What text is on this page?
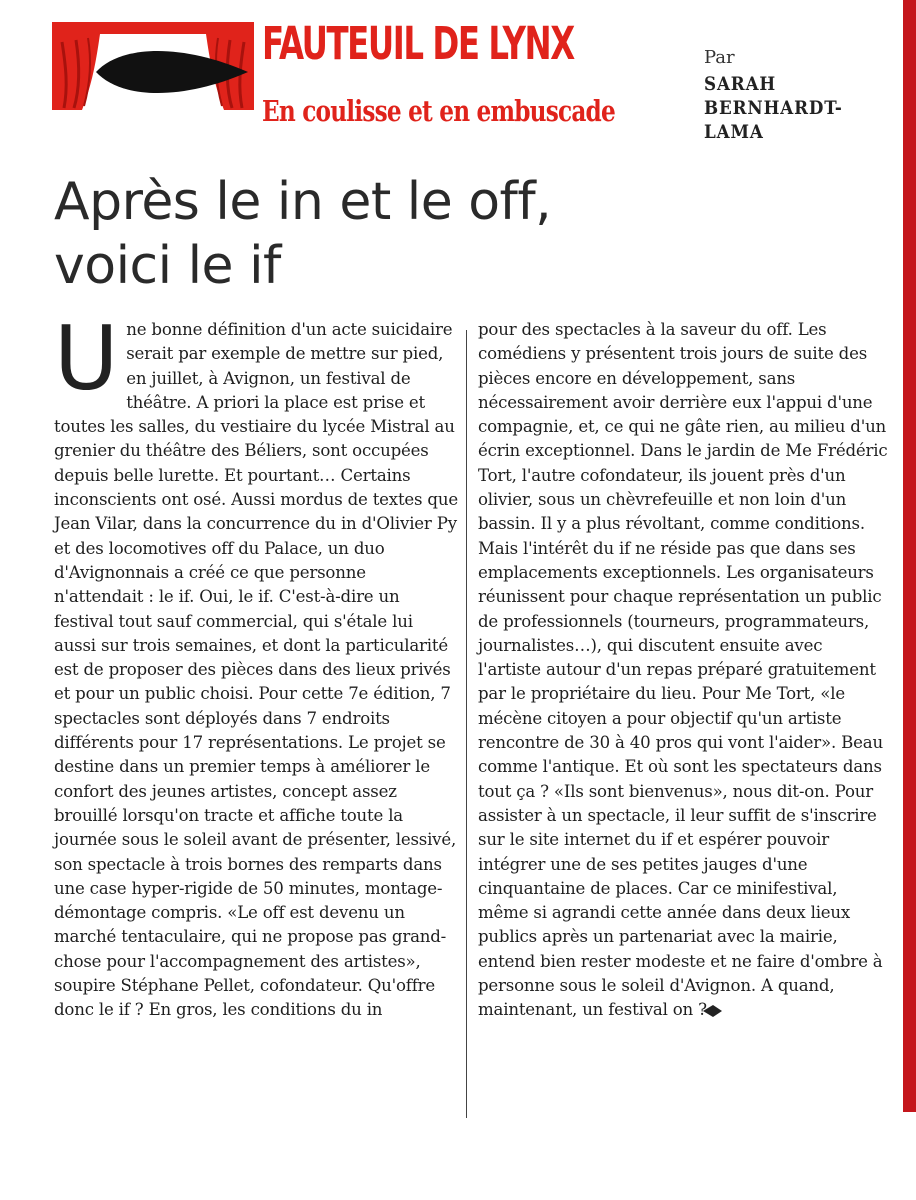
FAUTEUIL DE LYNX

En coulisse et en embuscade

Par
SARAH BERNHARDT-LAMA
Après le in et le off, voici le if
U ne bonne définition d'un acte suicidaire serait par exemple de mettre sur pied, en juillet, à Avignon, un festival de théâtre. A priori la place est prise et toutes les salles, du vestiaire du lycée Mistral au grenier du théâtre des Béliers, sont occupées depuis belle lurette. Et pourtant… Certains inconscients ont osé. Aussi mordus de textes que Jean Vilar, dans la concurrence du in d'Olivier Py et des locomotives off du Palace, un duo d'Avignonnais a créé ce que personne n'attendait : le if. Oui, le if. C'est-à-dire un festival tout sauf commercial, qui s'étale lui aussi sur trois semaines, et dont la particularité est de proposer des pièces dans des lieux privés et pour un public choisi. Pour cette 7e édition, 7 spectacles sont déployés dans 7 endroits différents pour 17 représentations. Le projet se destine dans un premier temps à améliorer le confort des jeunes artistes, concept assez brouillé lorsqu'on tracte et affiche toute la journée sous le soleil avant de présenter, lessivé, son spectacle à trois bornes des remparts dans une case hyper-rigide de 50 minutes, montage-démontage compris. «Le off est devenu un marché tentaculaire, qui ne propose pas grand-chose pour l'accompagnement des artistes», soupire Stéphane Pellet, cofondateur. Qu'offre donc le if ? En gros, les conditions du in

pour des spectacles à la saveur du off. Les comédiens y présentent trois jours de suite des pièces encore en développement, sans nécessairement avoir derrière eux l'appui d'une compagnie, et, ce qui ne gâte rien, au milieu d'un écrin exceptionnel. Dans le jardin de Me Frédéric Tort, l'autre cofondateur, ils jouent près d'un olivier, sous un chèvrefeuille et non loin d'un bassin. Il y a plus révoltant, comme conditions.

Mais l'intérêt du if ne réside pas que dans ses emplacements exceptionnels. Les organisateurs réunissent pour chaque représentation un public de professionnels (tourneurs, programmateurs, journalistes…), qui discutent ensuite avec l'artiste autour d'un repas préparé gratuitement par le propriétaire du lieu. Pour Me Tort, «le mécène citoyen a pour objectif qu'un artiste rencontre de 30 à 40 pros qui vont l'aider». Beau comme l'antique. Et où sont les spectateurs dans tout ça ? «Ils sont bienvenus», nous dit-on. Pour assister à un spectacle, il leur suffit de s'inscrire sur le site internet du if et espérer pouvoir intégrer une de ses petites jauges d'une cinquantaine de places. Car ce minifestival, même si agrandi cette année dans deux lieux publics après un partenariat avec la mairie, entend bien rester modeste et ne faire d'ombre à personne sous le soleil d'Avignon. A quand, maintenant, un festival on ?
